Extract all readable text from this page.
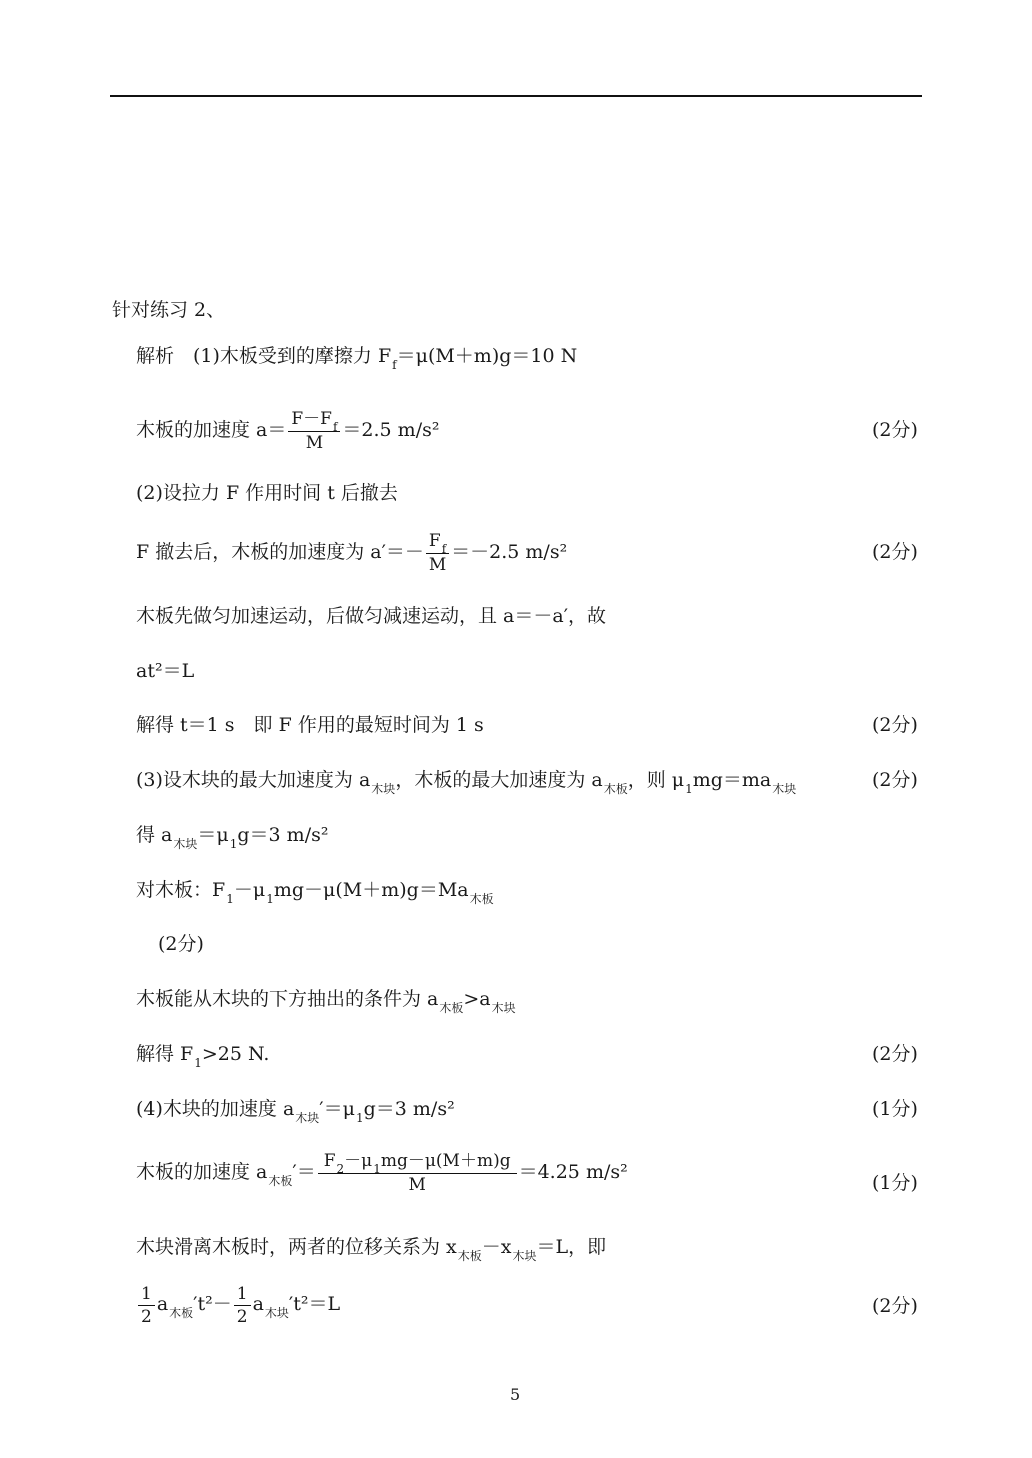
针对练习 2、
解析　(1)木板受到的摩擦力 $F_f=\mu(M+m)g=10$ N
木板的加速度 $a= \frac{F-F_f}{M} =2.5$ m/s²	(2分)
(2)设拉力 F 作用时间 t 后撤去
F 撤去后，木板的加速度为 $a'=- \frac{F_f}{M} =-2.5$ m/s²	(2分)
木板先做匀加速运动，后做匀减速运动，且 a＝－a′，故
at²＝L
解得 t＝1 s　即 F 作用的最短时间为 1 s	(2分)
(3)设木块的最大加速度为 $a_{木块}$，木板的最大加速度为 $a_{木板}$，则 $\mu_1mg=ma_{木块}$	(2分)
得 $a_{木块}=\mu_1g=3$ m/s²
对木板：$F_1-\mu_1mg-\mu(M+m)g=Ma_{木板}$
(2分)
木板能从木块的下方抽出的条件为 $a_{木板}>a_{木块}$
解得 $F_1>25$ N.	(2分)
(4)木块的加速度 $a_{木块}'=\mu_1g=3$ m/s²	(1分)
木板的加速度 $a_{木板}'= \frac{F_2-\mu_1mg-\mu(M+m)g}{M} =4.25$ m/s²	(1分)
木块滑离木板时，两者的位移关系为 $x_{木板}-x_{木块}=L$，即
$\frac{1}{2} a_{木板}'t^2- \frac{1}{2} a_{木块}'t^2=L$	(2分)
5
